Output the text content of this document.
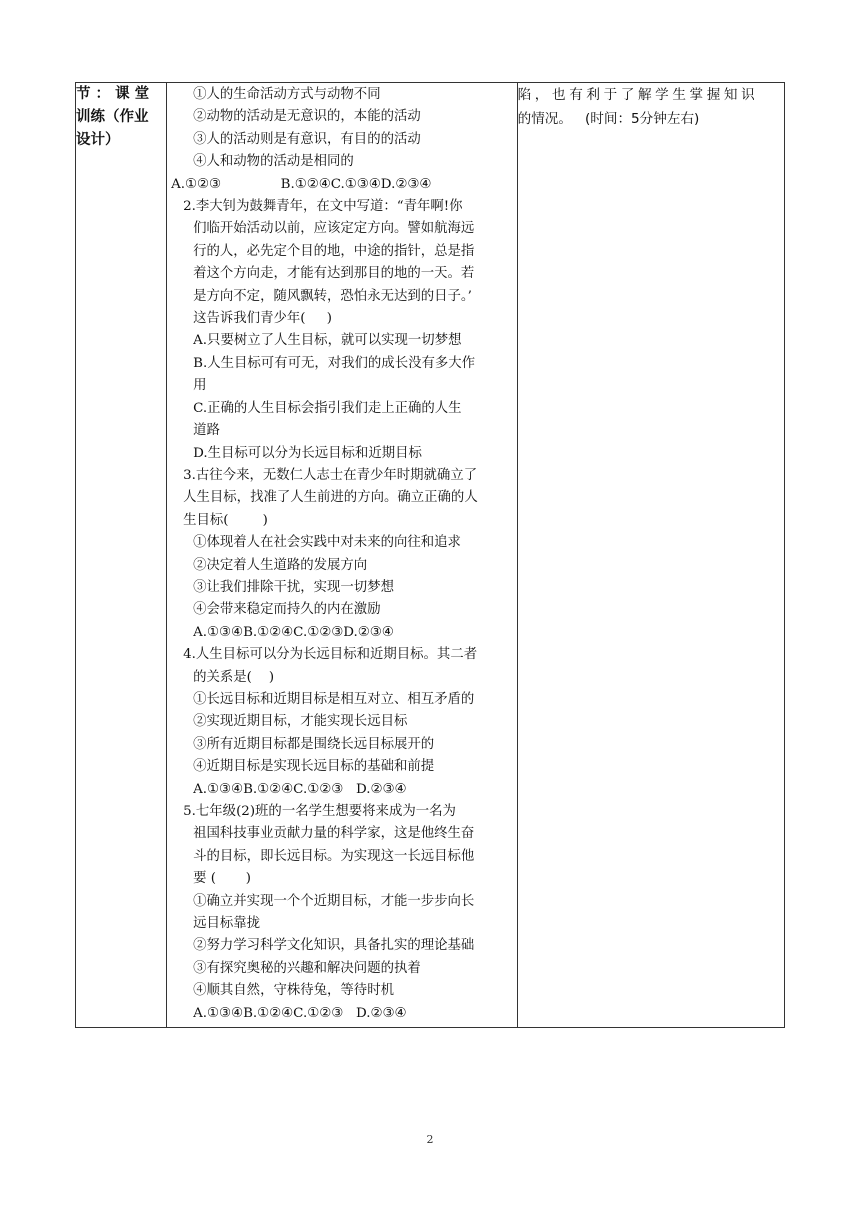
节 ： 课 堂
训练（作业
设计）

①人的生命活动方式与动物不同
②动物的活动是无意识的，本能的活动
③人的活动则是有意识，有目的的活动
④人和动物的活动是相同的
A.①②③              B.①②④C.①③④D.②③④
2.李大钊为鼓舞青年，在文中写道：“青年啊!你
们临开始活动以前，应该定定方向。譬如航海远
行的人，必先定个目的地，中途的指针，总是指
着这个方向走，才能有达到那目的地的一天。若
是方向不定，随风飘转，恐怕永无达到的日子。’
这告诉我们青少年(     )
A.只要树立了人生目标，就可以实现一切梦想
B.人生目标可有可无，对我们的成长没有多大作
用
C.正确的人生目标会指引我们走上正确的人生
道路
D.生目标可以分为长远目标和近期目标
3.古往今来，无数仁人志士在青少年时期就确立了
人生目标，找准了人生前进的方向。确立正确的人
生目标(        )
①体现着人在社会实践中对未来的向往和追求
②决定着人生道路的发展方向
③让我们排除干扰，实现一切梦想
④会带来稳定而持久的内在激励
A.①③④B.①②④C.①②③D.②③④
4.人生目标可以分为长远目标和近期目标。其二者
的关系是(    )
①长远目标和近期目标是相互对立、相互矛盾的
②实现近期目标，才能实现长远目标
③所有近期目标都是围绕长远目标展开的
④近期目标是实现长远目标的基础和前提
A.①③④B.①②④C.①②③   D.②③④
5.七年级(2)班的一名学生想要将来成为一名为
祖国科技事业贡献力量的科学家，这是他终生奋
斗的目标，即长远目标。为实现这一长远目标他
要 (       )
①确立并实现一个个近期目标，才能一步步向长
远目标靠拢
②努力学习科学文化知识，具备扎实的理论基础
③有探究奥秘的兴趣和解决问题的执着
④顺其自然，守株待兔，等待时机
A.①③④B.①②④C.①②③   D.②③④

陷，也有利于了解学生掌握知识
的情况。   (时间：5分钟左右)
2
